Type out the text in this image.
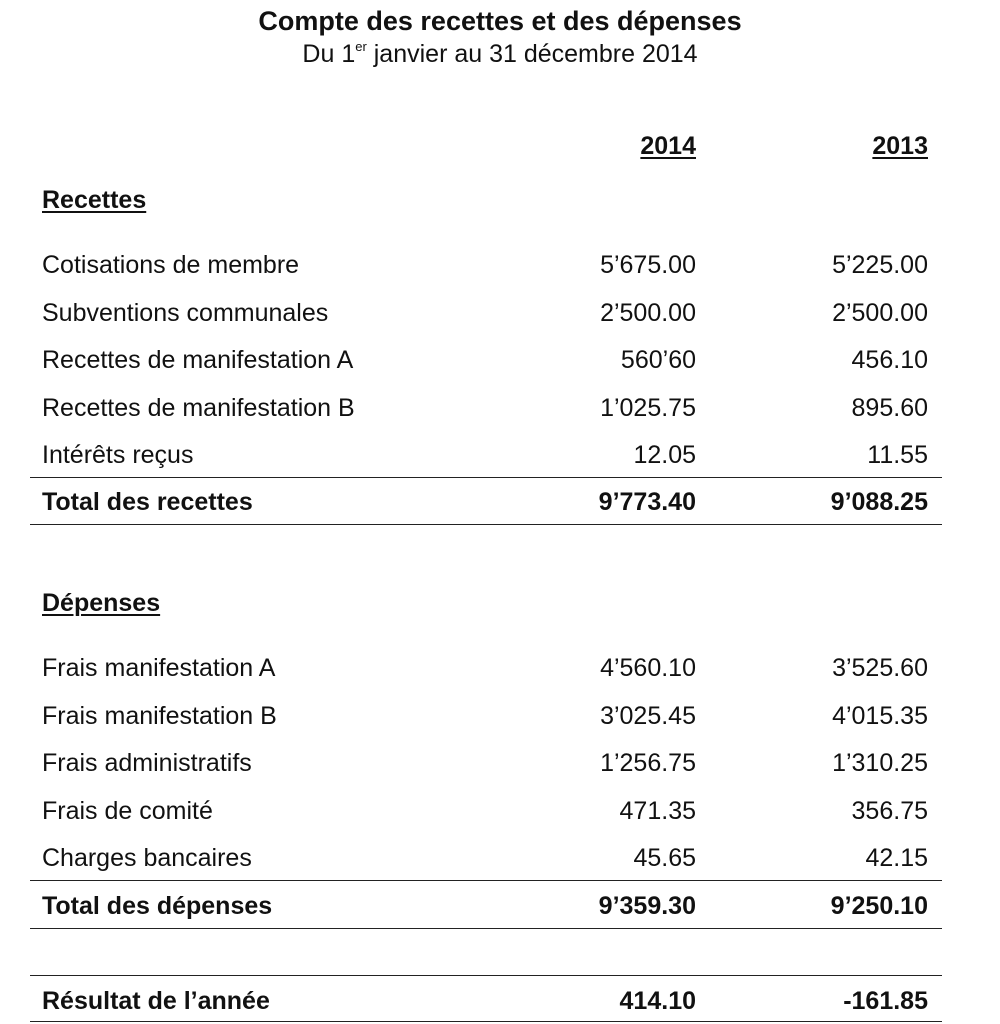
Compte des recettes et des dépenses
Du 1er janvier au 31 décembre 2014
2014	2013
Recettes
Cotisations de membre	5’675.00	5’225.00
Subventions communales	2’500.00	2’500.00
Recettes de manifestation A	560’60	456.10
Recettes de manifestation B	1’025.75	895.60
Intérêts reçus	12.05	11.55
Total des recettes	9’773.40	9’088.25
Dépenses
Frais manifestation A	4’560.10	3’525.60
Frais manifestation B	3’025.45	4’015.35
Frais administratifs	1’256.75	1’310.25
Frais de comité	471.35	356.75
Charges bancaires	45.65	42.15
Total des dépenses	9’359.30	9’250.10
Résultat de l’année	414.10	-161.85
